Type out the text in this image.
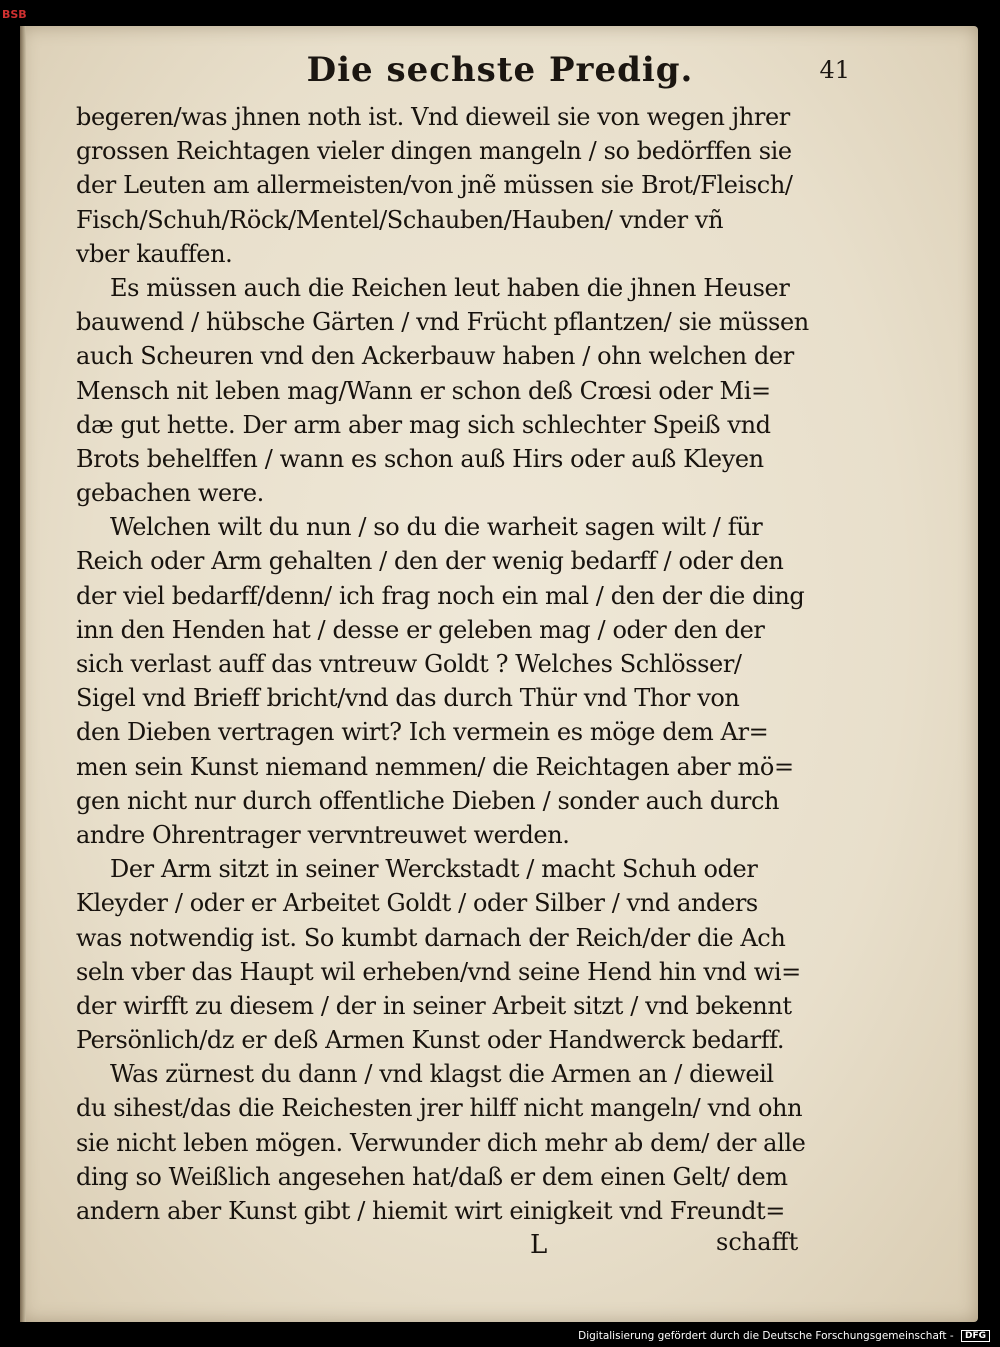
BSB
Die sechste Predig.	41
begeren/was jhnen noth ist. Vnd dieweil sie von wegen jhrer
grossen Reichtagen vieler dingen mangeln / so bedörffen sie
der Leuten am allermeisten/von jnẽ müssen sie Brot/Fleisch/
Fisch/Schuh/Röck/Mentel/Schauben/Hauben/ vnder vñ
vber kauffen.
Es müssen auch die Reichen leut haben die jhnen Heuser
bauwend / hübsche Gärten / vnd Frücht pflantzen/ sie müssen
auch Scheuren vnd den Ackerbauw haben / ohn welchen der
Mensch nit leben mag/Wann er schon deß Crœsi oder Mi=
dæ gut hette. Der arm aber mag sich schlechter Speiß vnd
Brots behelffen / wann es schon auß Hirs oder auß Kleyen
gebachen were.
Welchen wilt du nun / so du die warheit sagen wilt / für
Reich oder Arm gehalten / den der wenig bedarff / oder den
der viel bedarff/denn/ ich frag noch ein mal / den der die ding
inn den Henden hat / desse er geleben mag / oder den der
sich verlast auff das vntreuw Goldt ? Welches Schlösser/
Sigel vnd Brieff bricht/vnd das durch Thür vnd Thor von
den Dieben vertragen wirt? Ich vermein es möge dem Ar=
men sein Kunst niemand nemmen/ die Reichtagen aber mö=
gen nicht nur durch offentliche Dieben / sonder auch durch
andre Ohrentrager vervntreuwet werden.
Der Arm sitzt in seiner Werckstadt / macht Schuh oder
Kleyder / oder er Arbeitet Goldt / oder Silber / vnd anders
was notwendig ist. So kumbt darnach der Reich/der die Ach
seln vber das Haupt wil erheben/vnd seine Hend hin vnd wi=
der wirfft zu diesem / der in seiner Arbeit sitzt / vnd bekennt
Persönlich/dz er deß Armen Kunst oder Handwerck bedarff.
Was zürnest du dann / vnd klagst die Armen an / dieweil
du sihest/das die Reichesten jrer hilff nicht mangeln/ vnd ohn
sie nicht leben mögen. Verwunder dich mehr ab dem/ der alle
ding so Weißlich angesehen hat/daß er dem einen Gelt/ dem
andern aber Kunst gibt / hiemit wirt einigkeit vnd Freundt=
L	schafft
Digitalisierung gefördert durch die Deutsche Forschungsgemeinschaft - DFG
